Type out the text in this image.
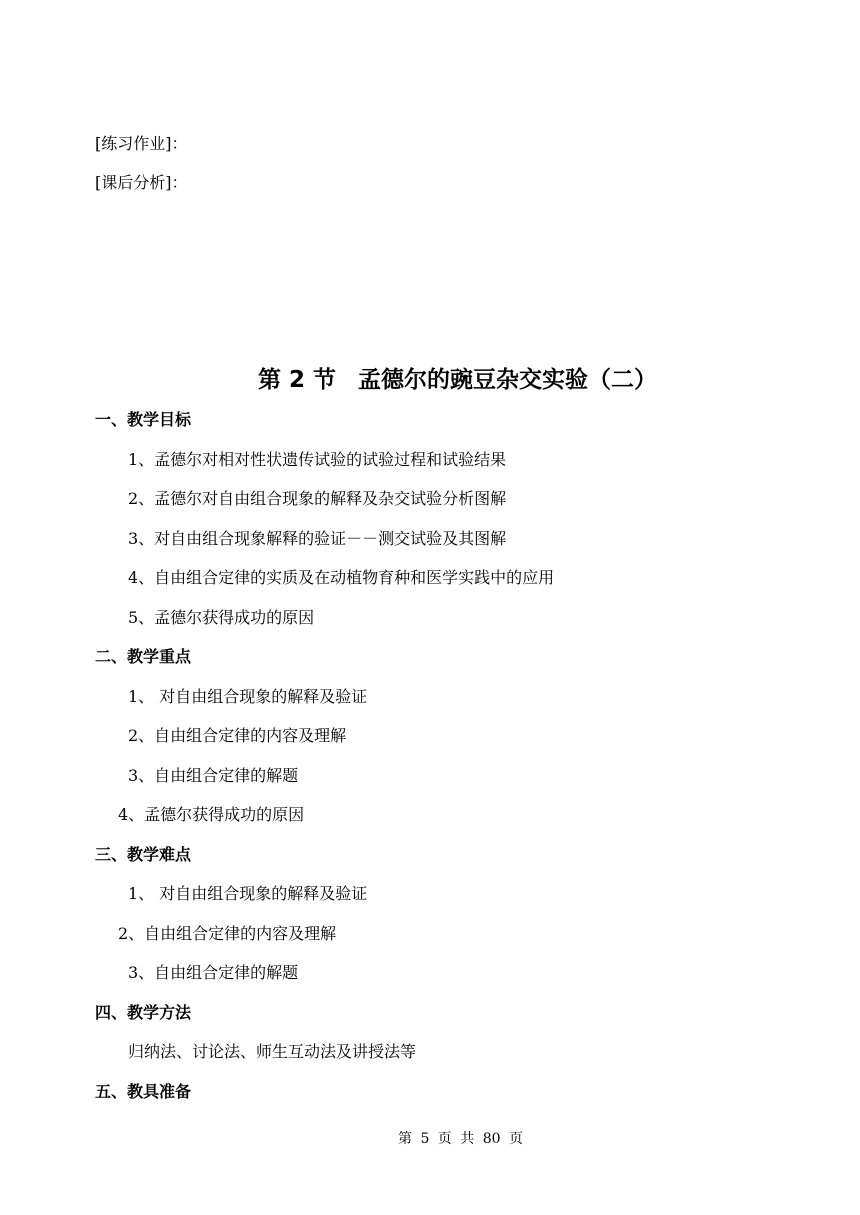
[练习作业]：
[课后分析]：
第 2 节 孟德尔的豌豆杂交实验（二）
一、教学目标
1、孟德尔对相对性状遗传试验的试验过程和试验结果
2、孟德尔对自由组合现象的解释及杂交试验分析图解
3、对自由组合现象解释的验证－－测交试验及其图解
4、自由组合定律的实质及在动植物育种和医学实践中的应用
5、孟德尔获得成功的原因
二、教学重点
1、 对自由组合现象的解释及验证
2、自由组合定律的内容及理解
3、自由组合定律的解题
4、孟德尔获得成功的原因
三、教学难点
1、 对自由组合现象的解释及验证
2、自由组合定律的内容及理解
3、自由组合定律的解题
四、教学方法
归纳法、讨论法、师生互动法及讲授法等
五、教具准备
第 5 页 共 80 页
